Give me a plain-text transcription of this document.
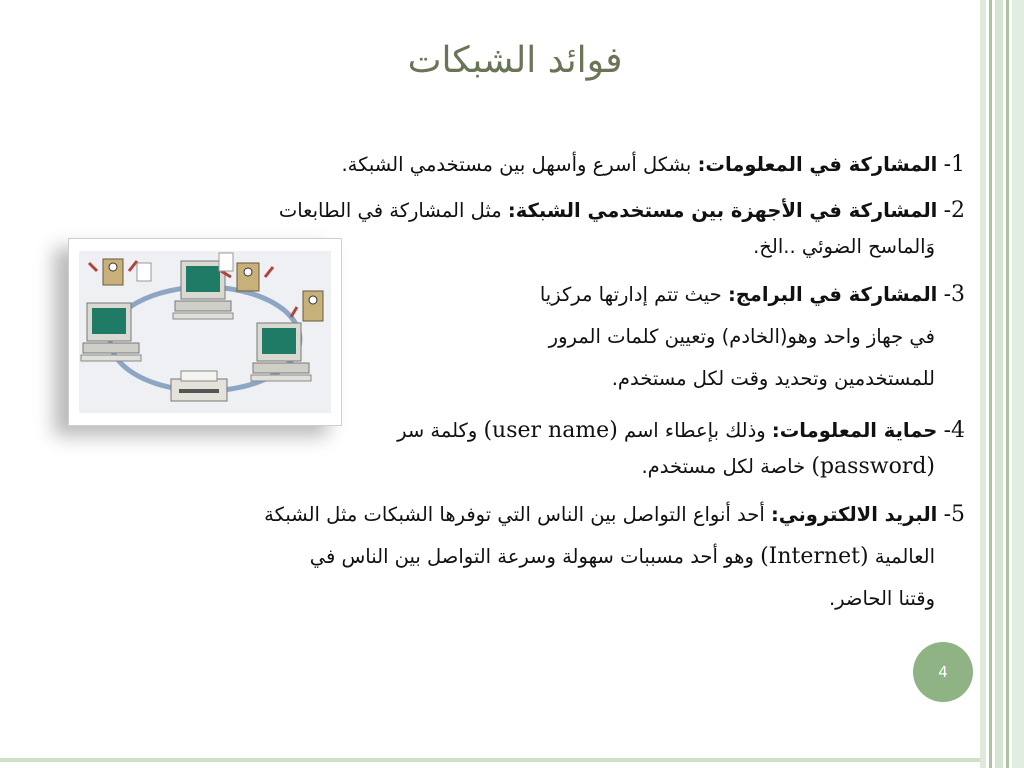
فوائد الشبكات
1- المشاركة في المعلومات: بشكل أسرع وأسهل بين مستخدمي الشبكة.
2- المشاركة في الأجهزة بين مستخدمي الشبكة: مثل المشاركة في الطابعات
وَالماسح الضوئي ..الخ.
3- المشاركة في البرامج: حيث تتم إدارتها مركزيا
في جهاز واحد وهو(الخادم) وتعيين كلمات المرور
للمستخدمين وتحديد وقت لكل مستخدم.
4- حماية المعلومات: وذلك بإعطاء اسم (user name) وكلمة سر
(password) خاصة لكل مستخدم.
5- البريد الالكتروني: أحد أنواع التواصل بين الناس التي توفرها الشبكات مثل الشبكة
العالمية (Internet) وهو أحد مسببات سهولة وسرعة التواصل بين الناس في
وقتنا الحاضر.
4
